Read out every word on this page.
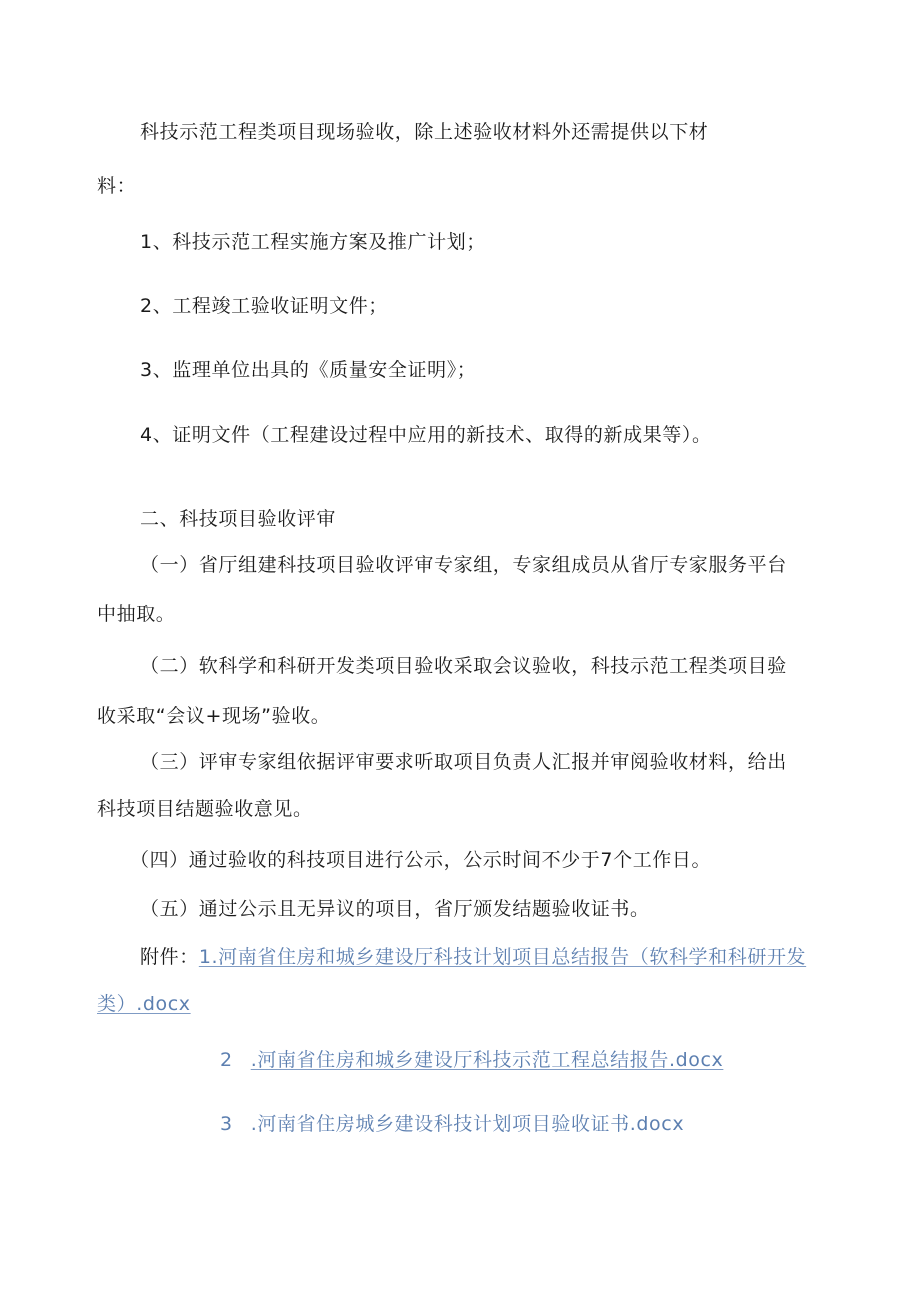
科技示范工程类项目现场验收，除上述验收材料外还需提供以下材
料：
1、科技示范工程实施方案及推广计划；
2、工程竣工验收证明文件；
3、监理单位出具的《质量安全证明》；
4、证明文件（工程建设过程中应用的新技术、取得的新成果等）。
二、科技项目验收评审
（一）省厅组建科技项目验收评审专家组，专家组成员从省厅专家服务平台
中抽取。
（二）软科学和科研开发类项目验收采取会议验收，科技示范工程类项目验
收采取“会议+现场”验收。
（三）评审专家组依据评审要求听取项目负责人汇报并审阅验收材料，给出
科技项目结题验收意见。
（四）通过验收的科技项目进行公示，公示时间不少于7个工作日。
（五）通过公示且无异议的项目，省厅颁发结题验收证书。
附件：1.河南省住房和城乡建设厅科技计划项目总结报告（软科学和科研开发
类）.docx
2 .河南省住房和城乡建设厅科技示范工程总结报告.docx
3 .河南省住房城乡建设科技计划项目验收证书.docx
